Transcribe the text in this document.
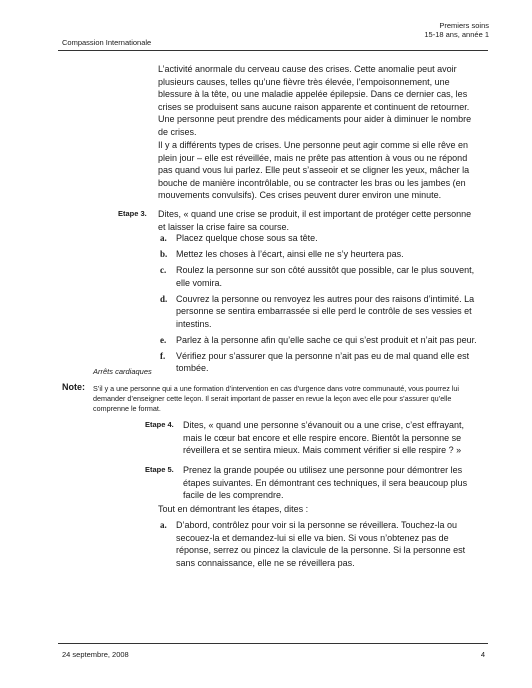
Compassion Internationale
Premiers soins
15-18 ans, année 1

L’activité anormale du cerveau cause des crises. Cette anomalie peut avoir plusieurs causes, telles qu’une fièvre très élevée, l’empoisonnement, une blessure à la tête, ou une maladie appelée épilepsie. Dans ce dernier cas, les crises se produisent sans aucune raison apparente et continuent de retourner. Une personne peut prendre des médicaments pour aider à diminuer le nombre de crises.

Il y a différents types de crises. Une personne peut agir comme si elle rêve en plein jour – elle est réveillée, mais ne prête pas attention à vous ou ne répond pas quand vous lui parlez. Elle peut s’asseoir et se cligner les yeux, mâcher la bouche de manière incontrôlable, ou se contracter les bras ou les jambes (en mouvements convulsifs). Ces crises peuvent durer environ une minute.

Etape 3. Dites, « quand une crise se produit, il est important de protéger cette personne et laisser la crise faire sa course.

a. Placez quelque chose sous sa tête.
b. Mettez les choses à l’écart, ainsi elle ne s’y heurtera pas.
c. Roulez la personne sur son côté aussitôt que possible, car le plus souvent, elle vomira.
d. Couvrez la personne ou renvoyez les autres pour des raisons d’intimité. La personne se sentira embarrassée si elle perd le contrôle de ses vessies et intestins.
e. Parlez à la personne afin qu’elle sache ce qui s’est produit et n’ait pas peur.
f. Vérifiez pour s’assurer que la personne n’ait pas eu de mal quand elle est tombée.
Arrêts cardiaques
Note: S’il y a une personne qui a une formation d’intervention en cas d’urgence dans votre communauté, vous pourrez lui demander d’enseigner cette leçon. Il serait important de passer en revue la leçon avec elle pour s’assurer qu’elle comprenne le format.

Etape 4. Dites, « quand une personne s’évanouit ou a une crise, c’est effrayant, mais le cœur bat encore et elle respire encore. Bientôt la personne se réveillera et se sentira mieux. Mais comment vérifier si elle respire ? »

Etape 5. Prenez la grande poupée ou utilisez une personne pour démontrer les étapes suivantes. En démontrant ces techniques, il sera beaucoup plus facile de les comprendre.

Tout en démontrant les étapes, dites :

a. D’abord, contrôlez pour voir si la personne se réveillera. Touchez-la ou secouez-la et demandez-lui si elle va bien. Si vous n’obtenez pas de réponse, serrez ou pincez la clavicule de la personne. Si la personne est sans connaissance, elle ne se réveillera pas.
24 septembre, 2008	4
